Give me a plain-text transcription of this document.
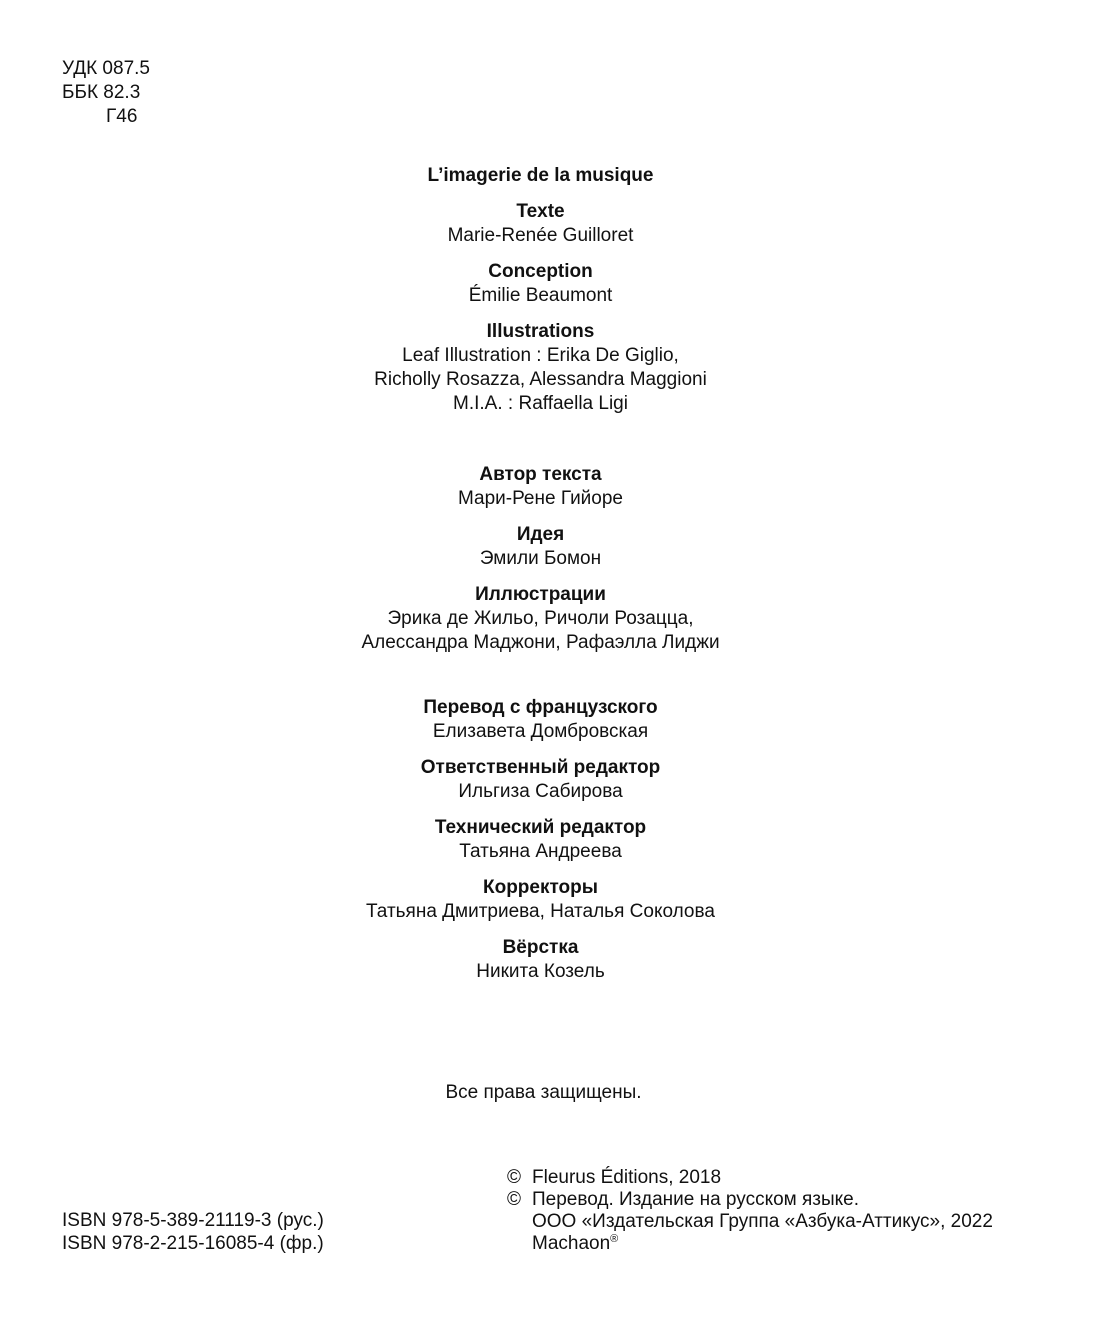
УДК 087.5
ББК 82.3
Г46
L’imagerie de la musique
Texte
Marie-Renée Guilloret
Conception
Émilie Beaumont
Illustrations
Leaf Illustration : Erika De Giglio,
Richolly Rosazza, Alessandra Maggioni
M.I.A. : Raffaella Ligi
Автор текста
Мари-Рене Гийоре
Идея
Эмили Бомон
Иллюстрации
Эрика де Жильо, Ричоли Розацца,
Алессандра Маджони, Рафаэлла Лиджи
Перевод с французского
Елизавета Домбровская
Ответственный редактор
Ильгиза Сабирова
Технический редактор
Татьяна Андреева
Корректоры
Татьяна Дмитриева, Наталья Соколова
Вёрстка
Никита Козель
Все права защищены.
ISBN 978-5-389-21119-3 (рус.)
ISBN 978-2-215-16085-4 (фр.)
© Fleurus Éditions, 2018
© Перевод. Издание на русском языке.
ООО «Издательская Группа «Азбука-Аттикус», 2022
Machaon®
